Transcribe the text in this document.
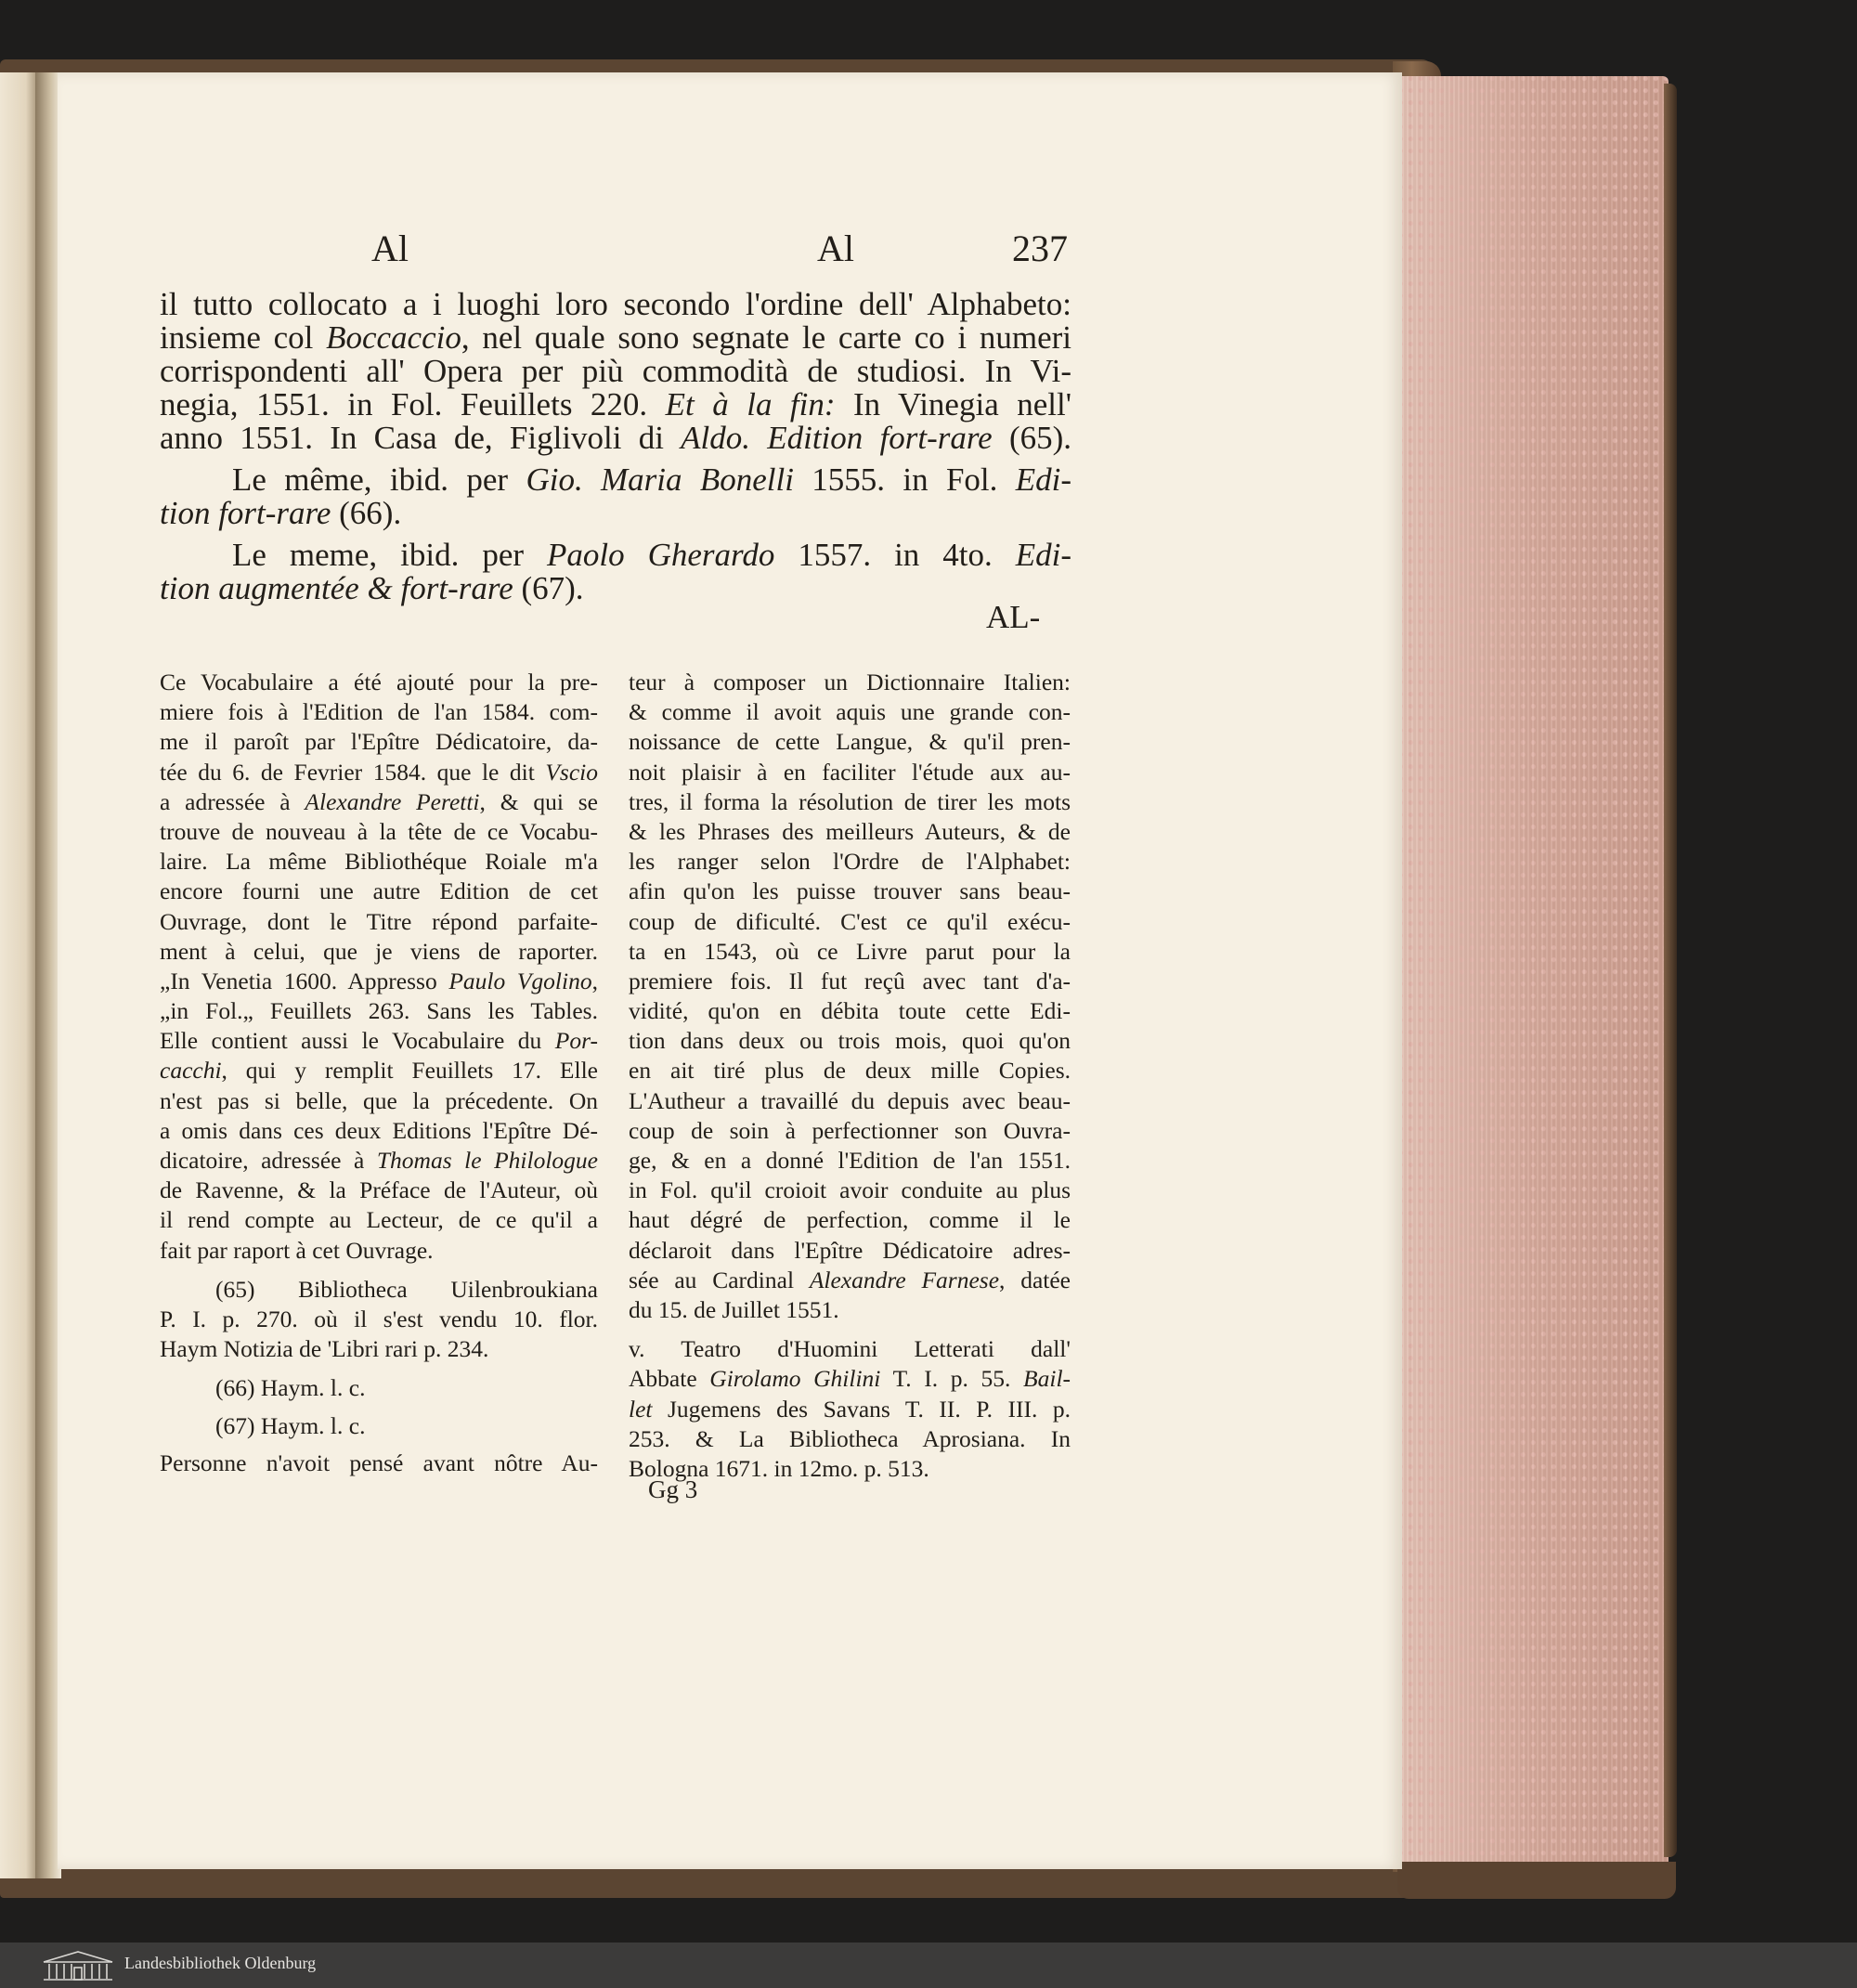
Al	Al	237
il tutto collocato a i luoghi loro secondo l'ordine dell' Alphabeto:
insieme col Boccaccio, nel quale sono segnate le carte co i numeri
corrispondenti all' Opera per più commodità de studiosi. In Vi-
negia, 1551. in Fol. Feuillets 220. Et à la fin: In Vinegia nell'
anno 1551. In Casa de, Figlivoli di Aldo. Edition fort-rare (65).
Le même, ibid. per Gio. Maria Bonelli 1555. in Fol. Edi-
tion fort-rare (66).
Le meme, ibid. per Paolo Gherardo 1557. in 4to. Edi-
tion augmentée & fort-rare (67).
AL-
Ce Vocabulaire a été ajouté pour la pre-
miere fois à l'Edition de l'an 1584. com-
me il paroît par l'Epître Dédicatoire, da-
tée du 6. de Fevrier 1584. que le dit Vscio
a adressée à Alexandre Peretti, & qui se
trouve de nouveau à la tête de ce Vocabu-
laire. La même Bibliothéque Roiale m'a
encore fourni une autre Edition de cet
Ouvrage, dont le Titre répond parfaite-
ment à celui, que je viens de raporter.
„In Venetia 1600. Appresso Paulo Vgolino,
„in Fol.„ Feuillets 263. Sans les Tables.
Elle contient aussi le Vocabulaire du Por-
cacchi, qui y remplit Feuillets 17. Elle
n'est pas si belle, que la précedente. On
a omis dans ces deux Editions l'Epître Dé-
dicatoire, adressée à Thomas le Philologue
de Ravenne, & la Préface de l'Auteur, où
il rend compte au Lecteur, de ce qu'il a
fait par raport à cet Ouvrage.
(65) Bibliotheca Uilenbroukiana
P. I. p. 270. où il s'est vendu 10. flor.
Haym Notizia de 'Libri rari p. 234.
(66) Haym. l. c.
(67) Haym. l. c.
Personne n'avoit pensé avant nôtre Au-
teur à composer un Dictionnaire Italien:
& comme il avoit aquis une grande con-
noissance de cette Langue, & qu'il pren-
noit plaisir à en faciliter l'étude aux au-
tres, il forma la résolution de tirer les mots
& les Phrases des meilleurs Auteurs, & de
les ranger selon l'Ordre de l'Alphabet:
afin qu'on les puisse trouver sans beau-
coup de dificulté. C'est ce qu'il exécu-
ta en 1543, où ce Livre parut pour la
premiere fois. Il fut reçû avec tant d'a-
vidité, qu'on en débita toute cette Edi-
tion dans deux ou trois mois, quoi qu'on
en ait tiré plus de deux mille Copies.
L'Autheur a travaillé du depuis avec beau-
coup de soin à perfectionner son Ouvra-
ge, & en a donné l'Edition de l'an 1551.
in Fol. qu'il croioit avoir conduite au plus
haut dégré de perfection, comme il le
déclaroit dans l'Epître Dédicatoire adres-
sée au Cardinal Alexandre Farnese, datée
du 15. de Juillet 1551.
v. Teatro d'Huomini Letterati dall'
Abbate Girolamo Ghilini T. I. p. 55. Bail-
let Jugemens des Savans T. II. P. III. p.
253. & La Bibliotheca Aprosiana. In
Bologna 1671. in 12mo. p. 513.
Gg 3
Landesbibliothek Oldenburg
